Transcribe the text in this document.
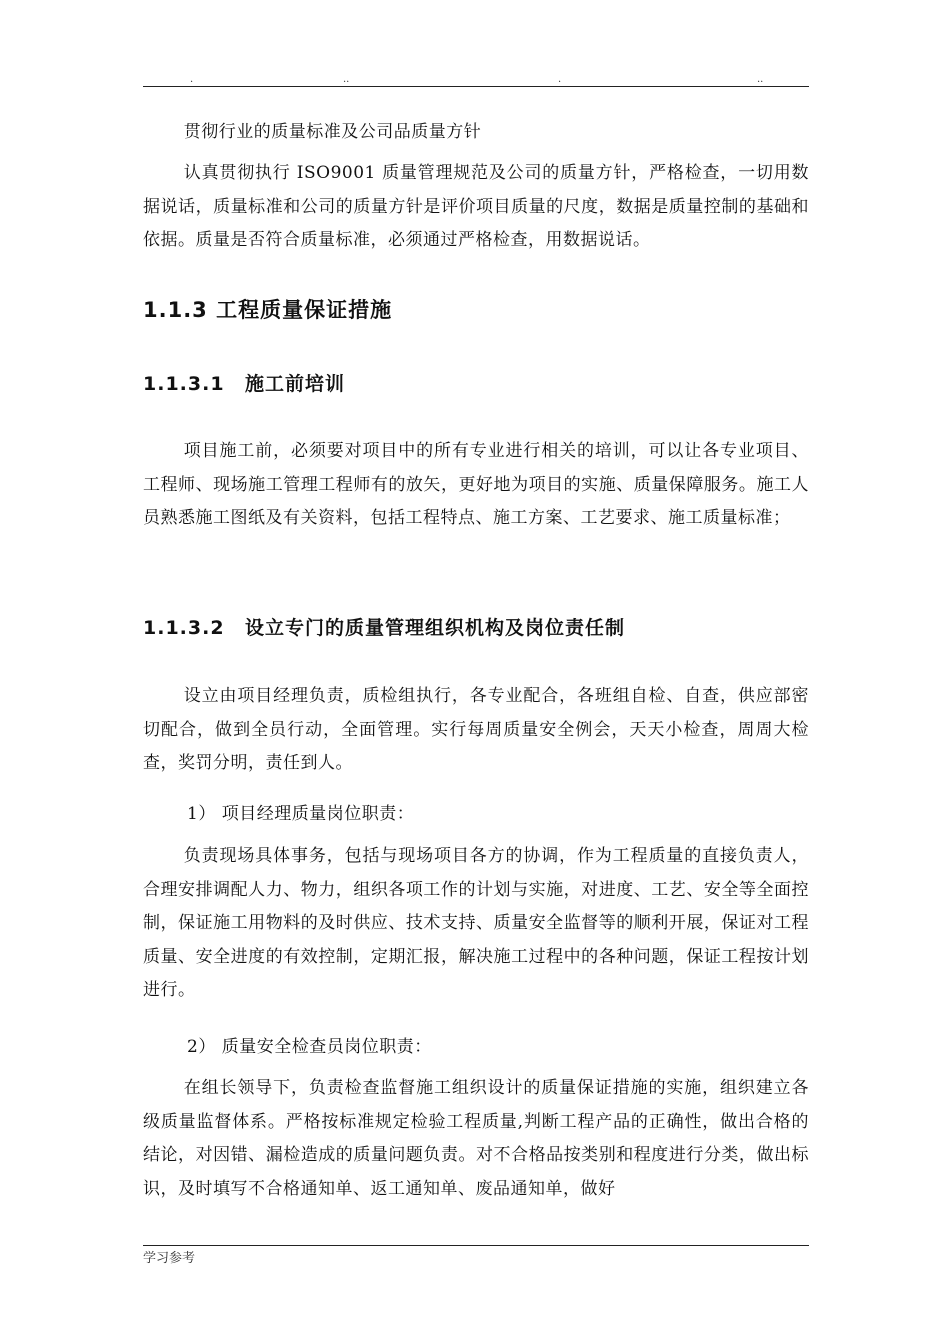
.	..	.	..

贯彻行业的质量标准及公司品质量方针

认真贯彻执行 ISO9001 质量管理规范及公司的质量方针，严格检查，一切用数据说话，质量标准和公司的质量方针是评价项目质量的尺度，数据是质量控制的基础和依据。质量是否符合质量标准，必须通过严格检查，用数据说话。

1.1.3 工程质量保证措施
1.1.3.1 施工前培训

项目施工前，必须要对项目中的所有专业进行相关的培训，可以让各专业项目、工程师、现场施工管理工程师有的放矢，更好地为项目的实施、质量保障服务。施工人员熟悉施工图纸及有关资料，包括工程特点、施工方案、工艺要求、施工质量标准；

1.1.3.2 设立专门的质量管理组织机构及岗位责任制

设立由项目经理负责，质检组执行，各专业配合，各班组自检、自查，供应部密切配合，做到全员行动，全面管理。实行每周质量安全例会，天天小检查，周周大检查，奖罚分明，责任到人。

1） 项目经理质量岗位职责：

负责现场具体事务，包括与现场项目各方的协调，作为工程质量的直接负责人，合理安排调配人力、物力，组织各项工作的计划与实施，对进度、工艺、安全等全面控制，保证施工用物料的及时供应、技术支持、质量安全监督等的顺利开展，保证对工程质量、安全进度的有效控制，定期汇报，解决施工过程中的各种问题，保证工程按计划进行。

2） 质量安全检查员岗位职责：

在组长领导下，负责检查监督施工组织设计的质量保证措施的实施，组织建立各级质量监督体系。严格按标准规定检验工程质量,判断工程产品的正确性，做出合格的结论，对因错、漏检造成的质量问题负责。对不合格品按类别和程度进行分类，做出标识，及时填写不合格通知单、返工通知单、废品通知单，做好

学习参考
